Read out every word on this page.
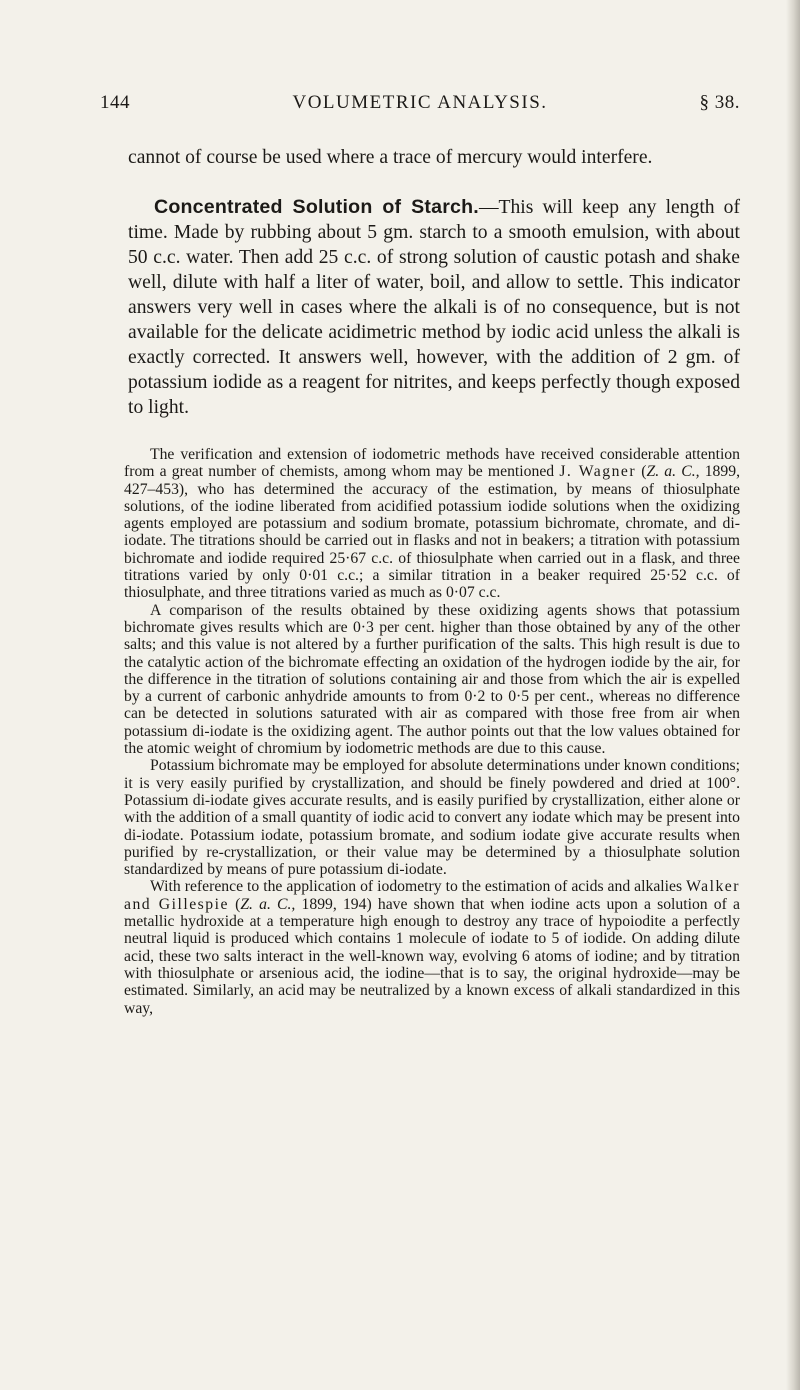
144	VOLUMETRIC ANALYSIS.	§ 38.
cannot of course be used where a trace of mercury would interfere.
Concentrated Solution of Starch.—This will keep any length of time. Made by rubbing about 5 gm. starch to a smooth emulsion, with about 50 c.c. water. Then add 25 c.c. of strong solution of caustic potash and shake well, dilute with half a liter of water, boil, and allow to settle. This indicator answers very well in cases where the alkali is of no consequence, but is not available for the delicate acidimetric method by iodic acid unless the alkali is exactly corrected. It answers well, however, with the addition of 2 gm. of potassium iodide as a reagent for nitrites, and keeps perfectly though exposed to light.

The verification and extension of iodometric methods have received considerable attention from a great number of chemists, among whom may be mentioned J. Wagner (Z. a. C., 1899, 427–453), who has determined the accuracy of the estimation, by means of thiosulphate solutions, of the iodine liberated from acidified potassium iodide solutions when the oxidizing agents employed are potassium and sodium bromate, potassium bichromate, chromate, and di-iodate. The titrations should be carried out in flasks and not in beakers; a titration with potassium bichromate and iodide required 25·67 c.c. of thiosulphate when carried out in a flask, and three titrations varied by only 0·01 c.c.; a similar titration in a beaker required 25·52 c.c. of thiosulphate, and three titrations varied as much as 0·07 c.c.

A comparison of the results obtained by these oxidizing agents shows that potassium bichromate gives results which are 0·3 per cent. higher than those obtained by any of the other salts; and this value is not altered by a further purification of the salts. This high result is due to the catalytic action of the bichromate effecting an oxidation of the hydrogen iodide by the air, for the difference in the titration of solutions containing air and those from which the air is expelled by a current of carbonic anhydride amounts to from 0·2 to 0·5 per cent., whereas no difference can be detected in solutions saturated with air as compared with those free from air when potassium di-iodate is the oxidizing agent. The author points out that the low values obtained for the atomic weight of chromium by iodometric methods are due to this cause.

Potassium bichromate may be employed for absolute determinations under known conditions; it is very easily purified by crystallization, and should be finely powdered and dried at 100°. Potassium di-iodate gives accurate results, and is easily purified by crystallization, either alone or with the addition of a small quantity of iodic acid to convert any iodate which may be present into di-iodate. Potassium iodate, potassium bromate, and sodium iodate give accurate results when purified by re-crystallization, or their value may be determined by a thiosulphate solution standardized by means of pure potassium di-iodate.

With reference to the application of iodometry to the estimation of acids and alkalies Walker and Gillespie (Z. a. C., 1899, 194) have shown that when iodine acts upon a solution of a metallic hydroxide at a temperature high enough to destroy any trace of hypoiodite a perfectly neutral liquid is produced which contains 1 molecule of iodate to 5 of iodide. On adding dilute acid, these two salts interact in the well-known way, evolving 6 atoms of iodine; and by titration with thiosulphate or arsenious acid, the iodine—that is to say, the original hydroxide—may be estimated. Similarly, an acid may be neutralized by a known excess of alkali standardized in this way,
